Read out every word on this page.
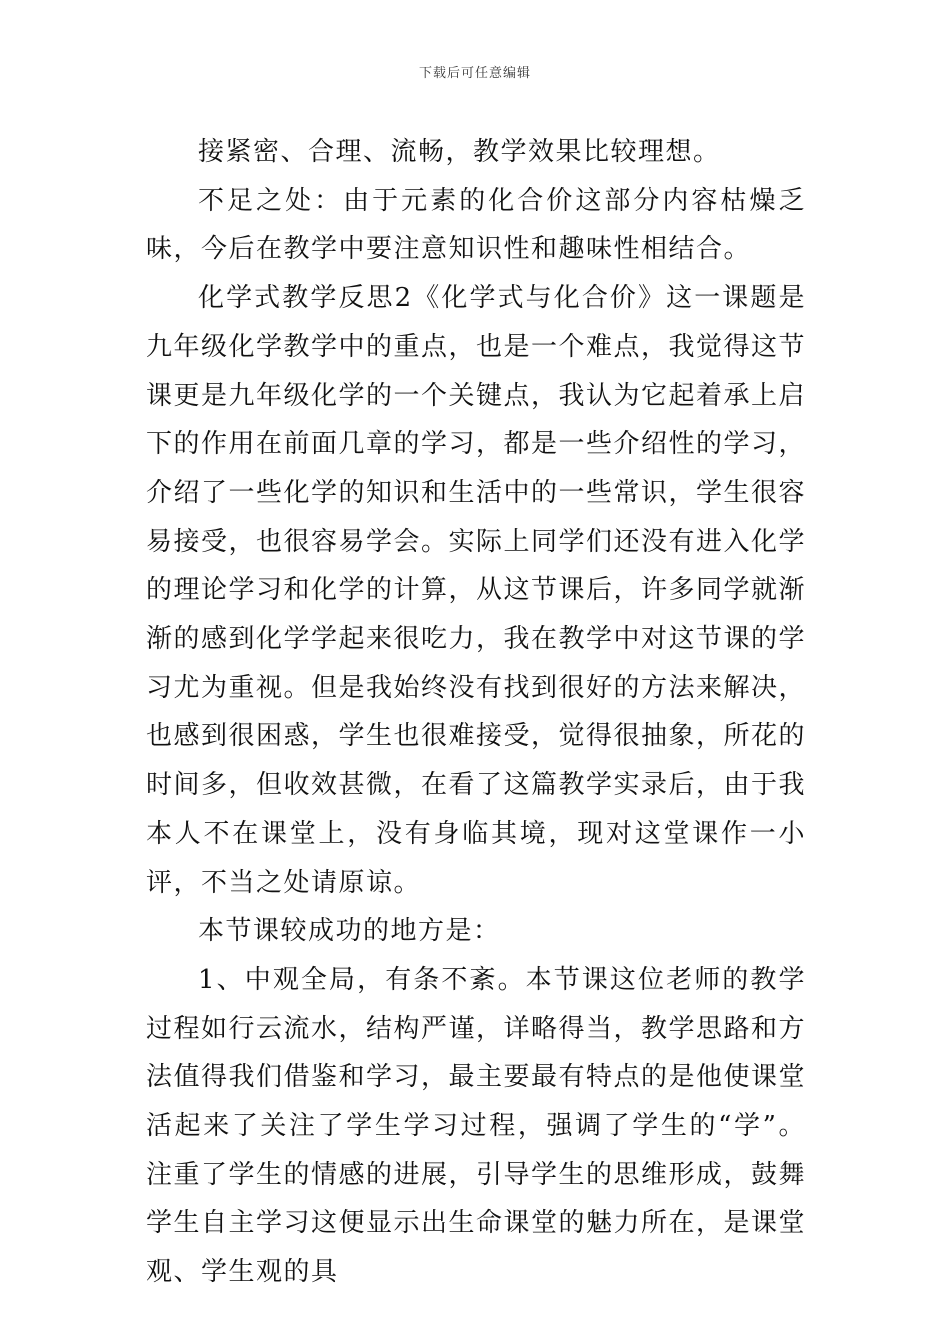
下载后可任意编辑

接紧密、合理、流畅，教学效果比较理想。

不足之处：由于元素的化合价这部分内容枯燥乏味，今后在教学中要注意知识性和趣味性相结合。

化学式教学反思2《化学式与化合价》这一课题是九年级化学教学中的重点，也是一个难点，我觉得这节课更是九年级化学的一个关键点，我认为它起着承上启下的作用在前面几章的学习，都是一些介绍性的学习，介绍了一些化学的知识和生活中的一些常识，学生很容易接受，也很容易学会。实际上同学们还没有进入化学的理论学习和化学的计算，从这节课后，许多同学就渐渐的感到化学学起来很吃力，我在教学中对这节课的学习尤为重视。但是我始终没有找到很好的方法来解决，也感到很困惑，学生也很难接受，觉得很抽象，所花的时间多，但收效甚微，在看了这篇教学实录后，由于我本人不在课堂上，没有身临其境，现对这堂课作一小评，不当之处请原谅。

本节课较成功的地方是：

1、中观全局，有条不紊。本节课这位老师的教学过程如行云流水，结构严谨，详略得当，教学思路和方法值得我们借鉴和学习，最主要最有特点的是他使课堂活起来了关注了学生学习过程，强调了学生的“学”。注重了学生的情感的进展，引导学生的思维形成，鼓舞学生自主学习这便显示出生命课堂的魅力所在，是课堂观、学生观的具
